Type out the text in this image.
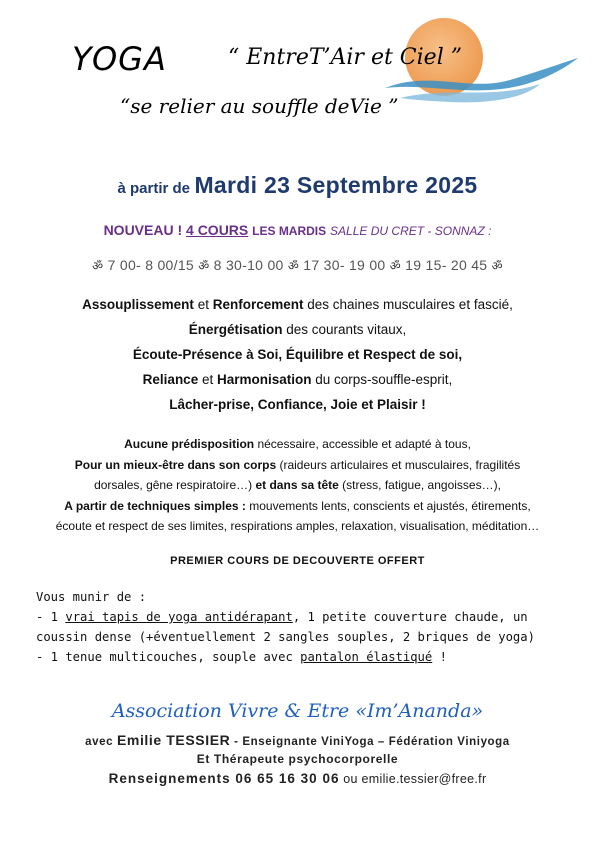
YOGA	“ EntreT’Air et Ciel ”
“se relier au souffle deVie ”
à partir de Mardi 23 Septembre 2025
NOUVEAU ! 4 COURS LES MARDIS SALLE DU CRET - SONNAZ :
ॐ 7 00- 8 00/15 ॐ 8 30-10 00 ॐ 17 30- 19 00 ॐ 19 15- 20 45 ॐ
Assouplissement et Renforcement des chaines musculaires et fascié,
Énergétisation des courants vitaux,
Écoute-Présence à Soi, Équilibre et Respect de soi,
Reliance et Harmonisation du corps-souffle-esprit,
Lâcher-prise, Confiance, Joie et Plaisir !
Aucune prédisposition nécessaire, accessible et adapté à tous,
Pour un mieux-être dans son corps (raideurs articulaires et musculaires, fragilités
dorsales, gêne respiratoire…) et dans sa tête (stress, fatigue, angoisses…),
A partir de techniques simples : mouvements lents, conscients et ajustés, étirements,
écoute et respect de ses limites, respirations amples, relaxation, visualisation, méditation…
PREMIER COURS DE DECOUVERTE OFFERT
Vous munir de :
- 1 vrai tapis de yoga antidérapant, 1 petite couverture chaude, un
coussin dense (+éventuellement 2 sangles souples, 2 briques de yoga)
- 1 tenue multicouches, souple avec pantalon élastiqué !
Association Vivre & Etre «Im’Ananda»
avec Emilie TESSIER - Enseignante ViniYoga – Fédération Viniyoga
Et Thérapeute psychocorporelle
Renseignements 06 65 16 30 06 ou emilie.tessier@free.fr
